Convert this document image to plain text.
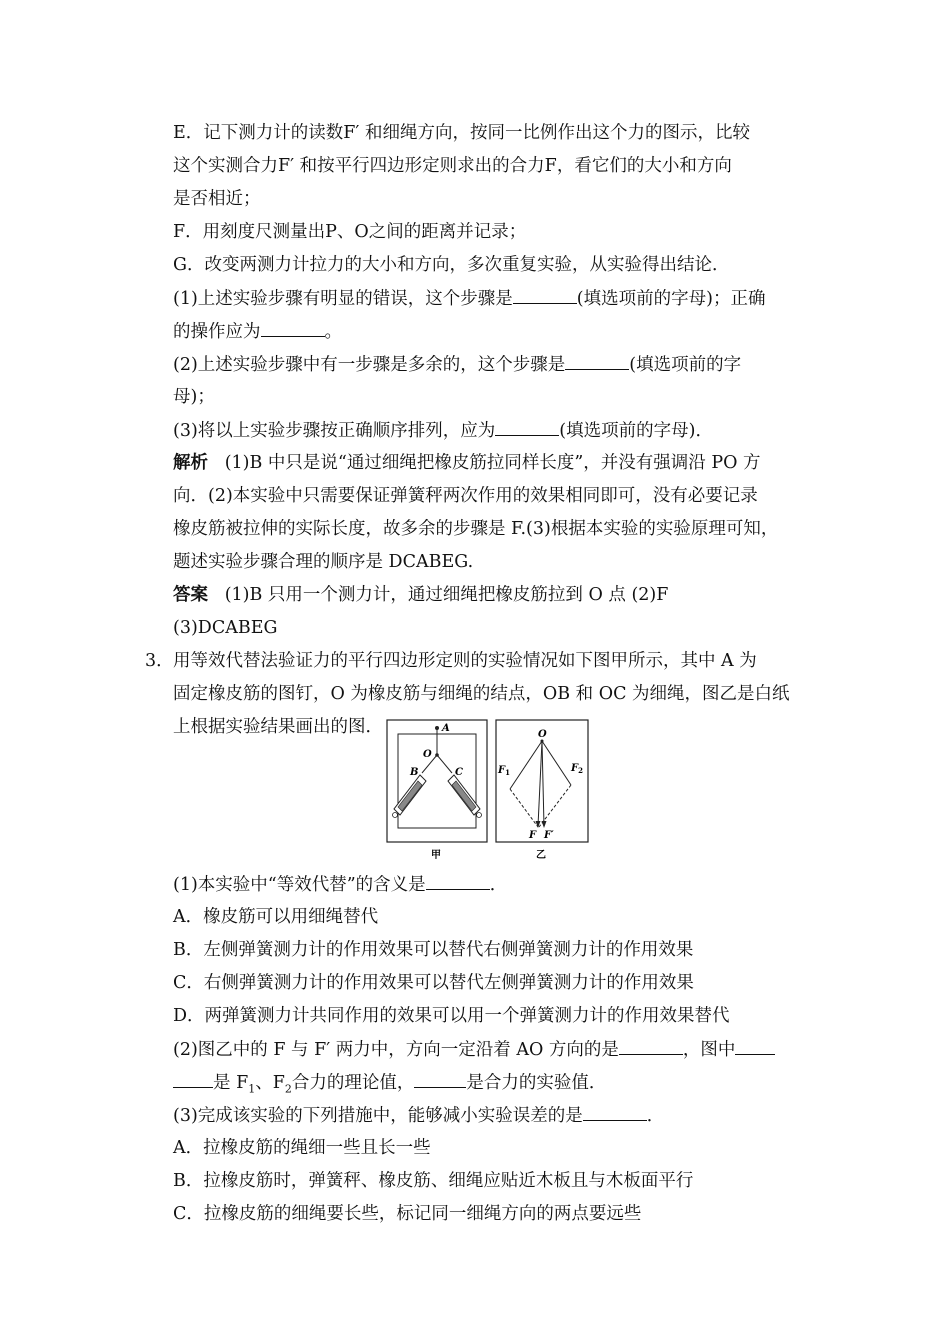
E．记下测力计的读数F′ 和细绳方向，按同一比例作出这个力的图示，比较
这个实测合力F′ 和按平行四边形定则求出的合力F，看它们的大小和方向
是否相近；
F．用刻度尺测量出P、O之间的距离并记录；
G．改变两测力计拉力的大小和方向，多次重复实验，从实验得出结论．
(1)上述实验步骤有明显的错误，这个步骤是	(填选项前的字母)；正确
的操作应为	。
(2)上述实验步骤中有一步骤是多余的，这个步骤是	(填选项前的字
母)；
(3)将以上实验步骤按正确顺序排列，应为	(填选项前的字母)．
解析 (1)B 中只是说“通过细绳把橡皮筋拉同样长度”，并没有强调沿 PO 方
向．(2)本实验中只需要保证弹簧秤两次作用的效果相同即可，没有必要记录
橡皮筋被拉伸的实际长度，故多余的步骤是 F.(3)根据本实验的实验原理可知，
题述实验步骤合理的顺序是 DCABEG.
答案 (1)B 只用一个测力计，通过细绳把橡皮筋拉到 O 点 (2)F
(3)DCABEG
3． 用等效代替法验证力的平行四边形定则的实验情况如下图甲所示，其中 A 为
固定橡皮筋的图钉，O 为橡皮筋与细绳的结点，OB 和 OC 为细绳，图乙是白纸
上根据实验结果画出的图．	A
O
B	C
甲
O
$F_1$	$F_2$
F F′
乙
(1)本实验中“等效代替”的含义是	．
A．橡皮筋可以用细绳替代
B．左侧弹簧测力计的作用效果可以替代右侧弹簧测力计的作用效果
C．右侧弹簧测力计的作用效果可以替代左侧弹簧测力计的作用效果
D．两弹簧测力计共同作用的效果可以用一个弹簧测力计的作用效果替代
(2)图乙中的 F 与 F′ 两力中，方向一定沿着 AO 方向的是	，图中
是 $F_1$、$F_2$合力的理论值，	是合力的实验值．
(3)完成该实验的下列措施中，能够减小实验误差的是	．
A．拉橡皮筋的绳细一些且长一些
B．拉橡皮筋时，弹簧秤、橡皮筋、细绳应贴近木板且与木板面平行
C．拉橡皮筋的细绳要长些，标记同一细绳方向的两点要远些
